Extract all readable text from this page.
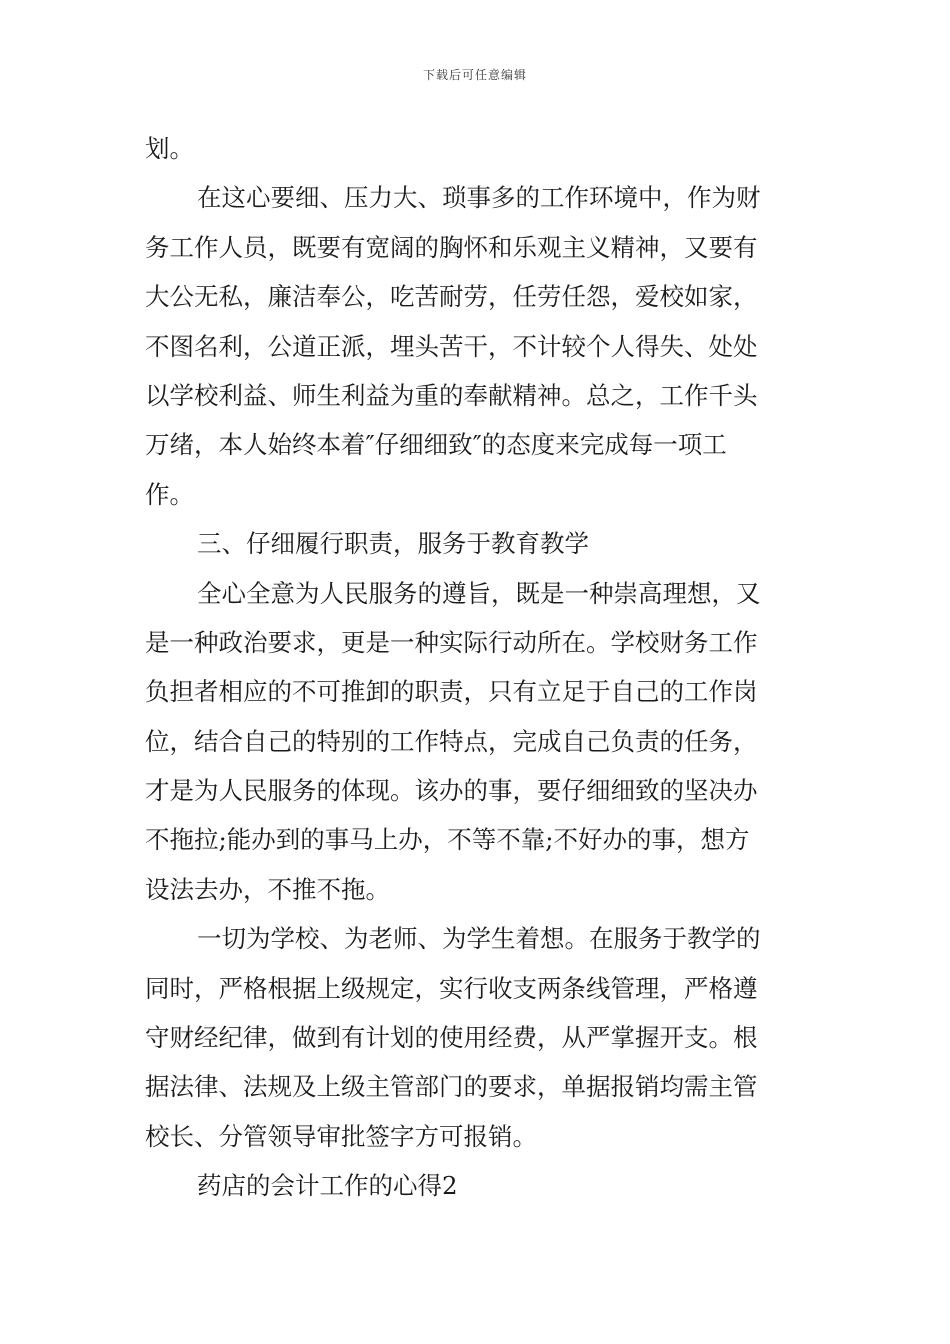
下载后可任意编辑
划。
在这心要细、压力大、琐事多的工作环境中，作为财
务工作人员，既要有宽阔的胸怀和乐观主义精神，又要有
大公无私，廉洁奉公，吃苦耐劳，任劳任怨，爱校如家，
不图名利，公道正派，埋头苦干，不计较个人得失、处处
以学校利益、师生利益为重的奉献精神。总之，工作千头
万绪，本人始终本着″仔细细致″的态度来完成每一项工
作。
三、仔细履行职责，服务于教育教学
全心全意为人民服务的遵旨，既是一种崇高理想，又
是一种政治要求，更是一种实际行动所在。学校财务工作
负担者相应的不可推卸的职责，只有立足于自己的工作岗
位，结合自己的特别的工作特点，完成自己负责的任务，
才是为人民服务的体现。该办的事，要仔细细致的坚决办
不拖拉;能办到的事马上办，不等不靠;不好办的事，想方
设法去办，不推不拖。
一切为学校、为老师、为学生着想。在服务于教学的
同时，严格根据上级规定，实行收支两条线管理，严格遵
守财经纪律，做到有计划的使用经费，从严掌握开支。根
据法律、法规及上级主管部门的要求，单据报销均需主管
校长、分管领导审批签字方可报销。
药店的会计工作的心得2
